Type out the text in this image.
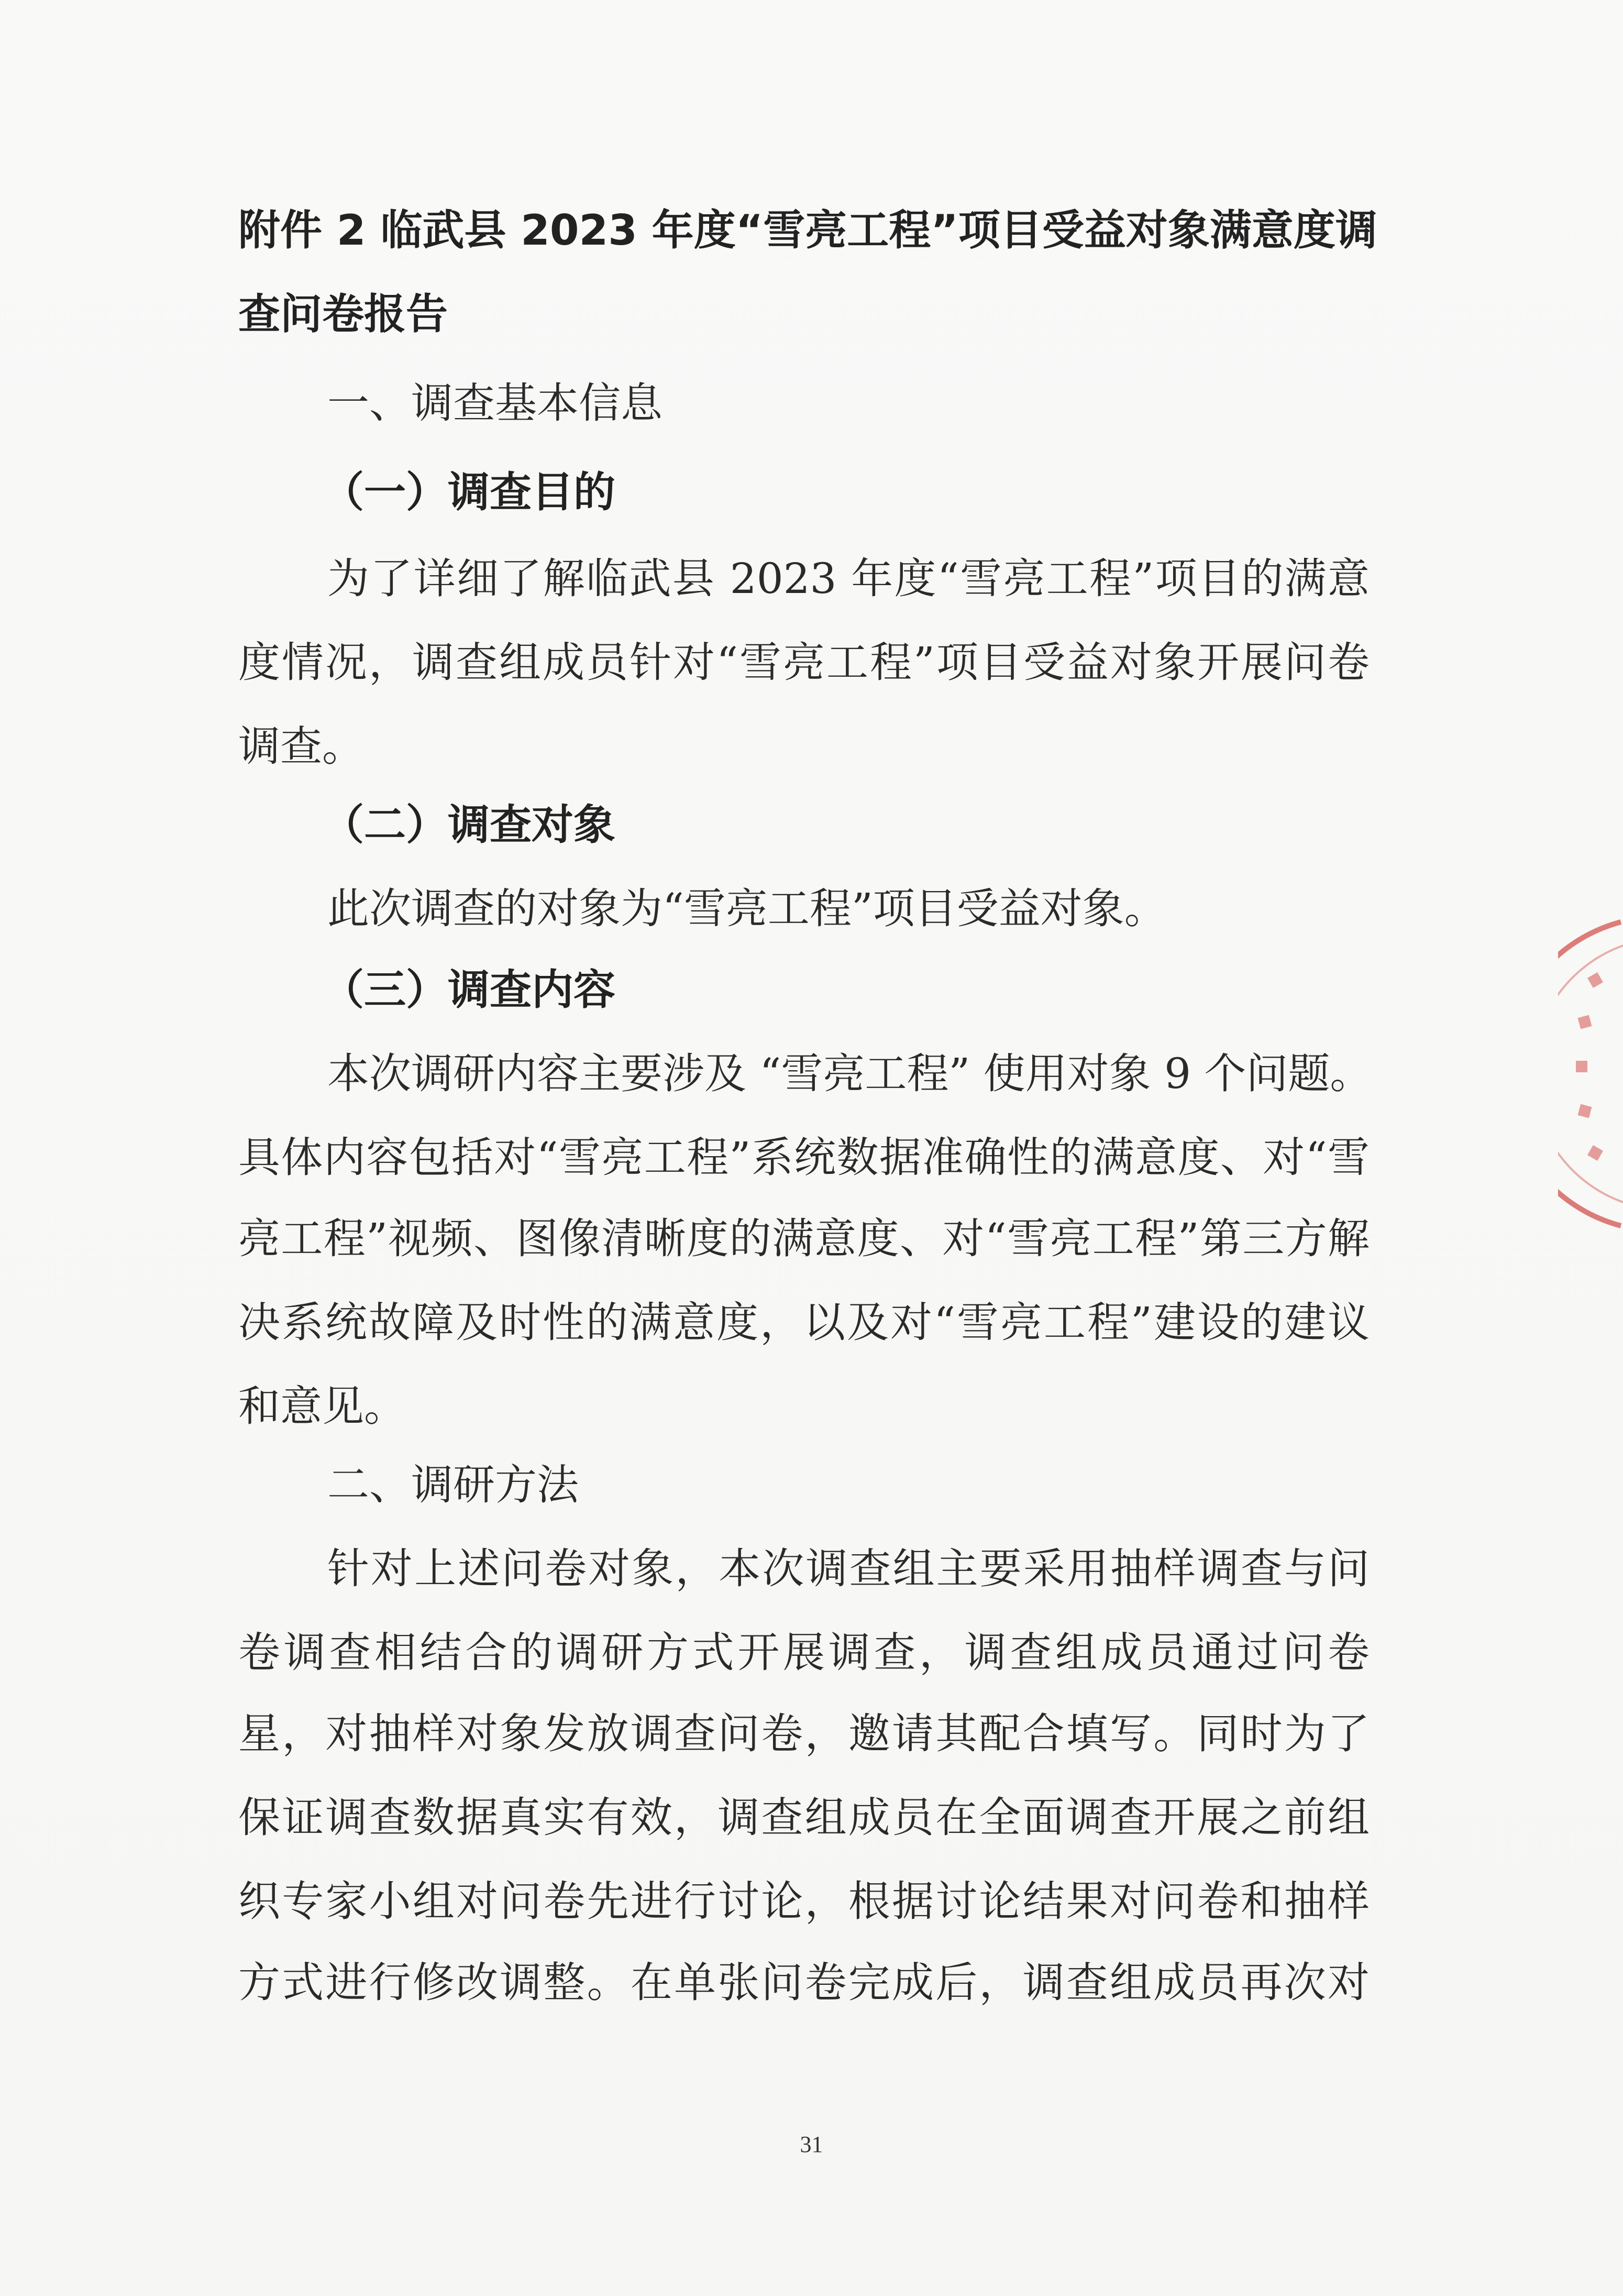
附件 2 临武县 2023 年度“雪亮工程”项目受益对象满意度调
查问卷报告
一、调查基本信息
（一）调查目的
为了详细了解临武县 2023 年度“雪亮工程”项目的满意
度情况，调查组成员针对“雪亮工程”项目受益对象开展问卷
调查。
（二）调查对象
此次调查的对象为“雪亮工程”项目受益对象。
（三）调查内容
本次调研内容主要涉及 “雪亮工程” 使用对象 9 个问题。
具体内容包括对“雪亮工程”系统数据准确性的满意度、对“雪
亮工程”视频、图像清晰度的满意度、对“雪亮工程”第三方解
决系统故障及时性的满意度，以及对“雪亮工程”建设的建议
和意见。
二、调研方法
针对上述问卷对象，本次调查组主要采用抽样调查与问
卷调查相结合的调研方式开展调查，调查组成员通过问卷
星，对抽样对象发放调查问卷，邀请其配合填写。同时为了
保证调查数据真实有效，调查组成员在全面调查开展之前组
织专家小组对问卷先进行讨论，根据讨论结果对问卷和抽样
方式进行修改调整。在单张问卷完成后，调查组成员再次对
31
